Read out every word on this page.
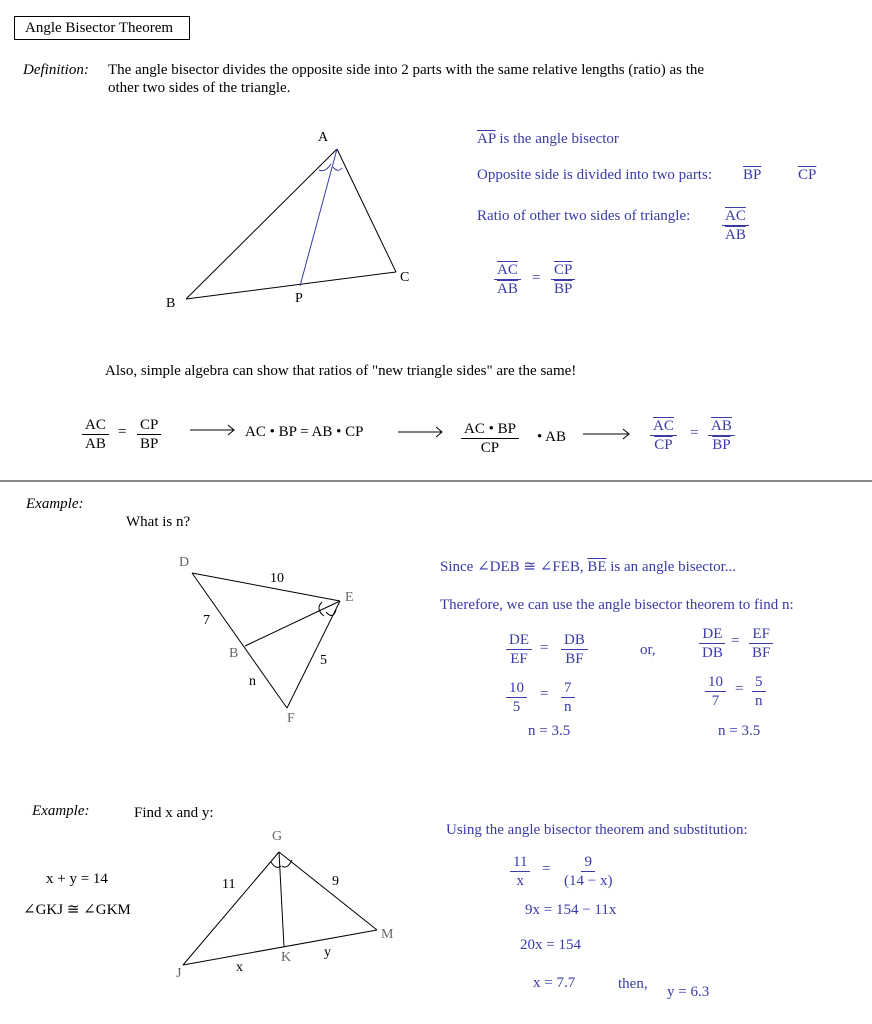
Angle Bisector Theorem
Definition: The angle bisector divides the opposite side into 2 parts with the same relative lengths (ratio) as the
other two sides of the triangle.
A
B
C
P
$\overline{AP}$ is the angle bisector
Opposite side is divided into two parts: $\overline{BP}$ $\overline{CP}$
Ratio of other two sides of triangle: $\frac{\overline{AC}}{AB}$
$\frac{\overline{AC}}{AB} = \frac{\overline{CP}}{BP}$
Also, simple algebra can show that ratios of "new triangle sides" are the same!
$\frac{AC}{AB} = \frac{CP}{BP}$	AC • BP = AB • CP	$\frac{AC • BP}{CP}$ • AB	$\frac{\overline{AC}}{CP} = \frac{\overline{AB}}{BP}$
Example:
What is n?
D
E
B
F
10
7
5
n
Since ∠DEB ≅ ∠FEB, $\overline{BE}$ is an angle bisector...
Therefore, we can use the angle bisector theorem to find n:
$\frac{DE}{EF} = \frac{DB}{BF}$	or,	$\frac{DE}{DB} = \frac{EF}{BF}$
$\frac{10}{5} = \frac{7}{n}$	$\frac{10}{7} = \frac{5}{n}$
n = 3.5	n = 3.5
Example:	Find x and y:
x + y = 14
∠GKJ ≅ ∠GKM
G
J
K
M
11	9
x
y
Using the angle bisector theorem and substitution:
$\frac{11}{x} = \frac{9}{(14 - x)}$
9x = 154 − 11x
20x = 154
x = 7.7	then, y = 6.3
